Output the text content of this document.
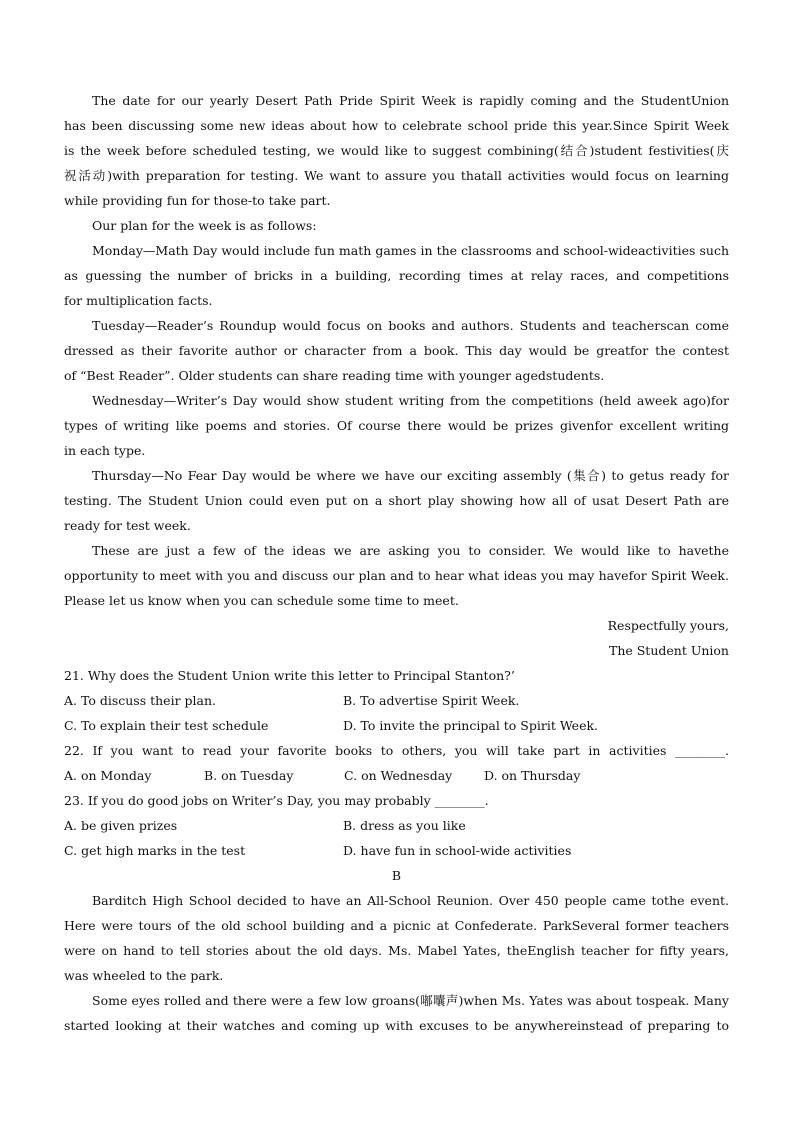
The date for our yearly Desert Path Pride Spirit Week is rapidly coming and the StudentUnion
has been discussing some new ideas about how to celebrate school pride this year.Since Spirit Week
is the week before scheduled testing, we would like to suggest combining(结合)student festivities(庆
祝活动)with preparation for testing. We want to assure you thatall activities would focus on learning
while providing fun for those-to take part.
Our plan for the week is as follows:
Monday—Math Day would include fun math games in the classrooms and school-wideactivities such
as guessing the number of bricks in a building, recording times at relay races, and competitions
for multiplication facts.
Tuesday—Reader’s Roundup would focus on books and authors. Students and teacherscan come
dressed as their favorite author or character from a book. This day would be greatfor the contest
of “Best Reader”. Older students can share reading time with younger agedstudents.
Wednesday—Writer’s Day would show student writing from the competitions (held aweek ago)for
types of writing like poems and stories. Of course there would be prizes givenfor excellent writing
in each type.
Thursday—No Fear Day would be where we have our exciting assembly (集合) to getus ready for
testing. The Student Union could even put on a short play showing how all of usat Desert Path are
ready for test week.
These are just a few of the ideas we are asking you to consider. We would like to havethe
opportunity to meet with you and discuss our plan and to hear what ideas you may havefor Spirit Week.
Please let us know when you can schedule some time to meet.
Respectfully yours,
The Student Union
21. Why does the Student Union write this letter to Principal Stanton?’
A. To discuss their plan.	B. To advertise Spirit Week.
C. To explain their test schedule	D. To invite the principal to Spirit Week.
22. If you want to read your favorite books to others, you will take part in activities ________.
A. on Monday	B. on Tuesday	C. on Wednesday	D. on Thursday
23. If you do good jobs on Writer’s Day, you may probably ________.
A. be given prizes	B. dress as you like
C. get high marks in the test	D. have fun in school-wide activities
B
Barditch High School decided to have an All-School Reunion. Over 450 people came tothe event.
Here were tours of the old school building and a picnic at Confederate. ParkSeveral former teachers
were on hand to tell stories about the old days. Ms. Mabel Yates, theEnglish teacher for fifty years,
was wheeled to the park.
Some eyes rolled and there were a few low groans(嘟囔声)when Ms. Yates was about tospeak. Many
started looking at their watches and coming up with excuses to be anywhereinstead of preparing to
